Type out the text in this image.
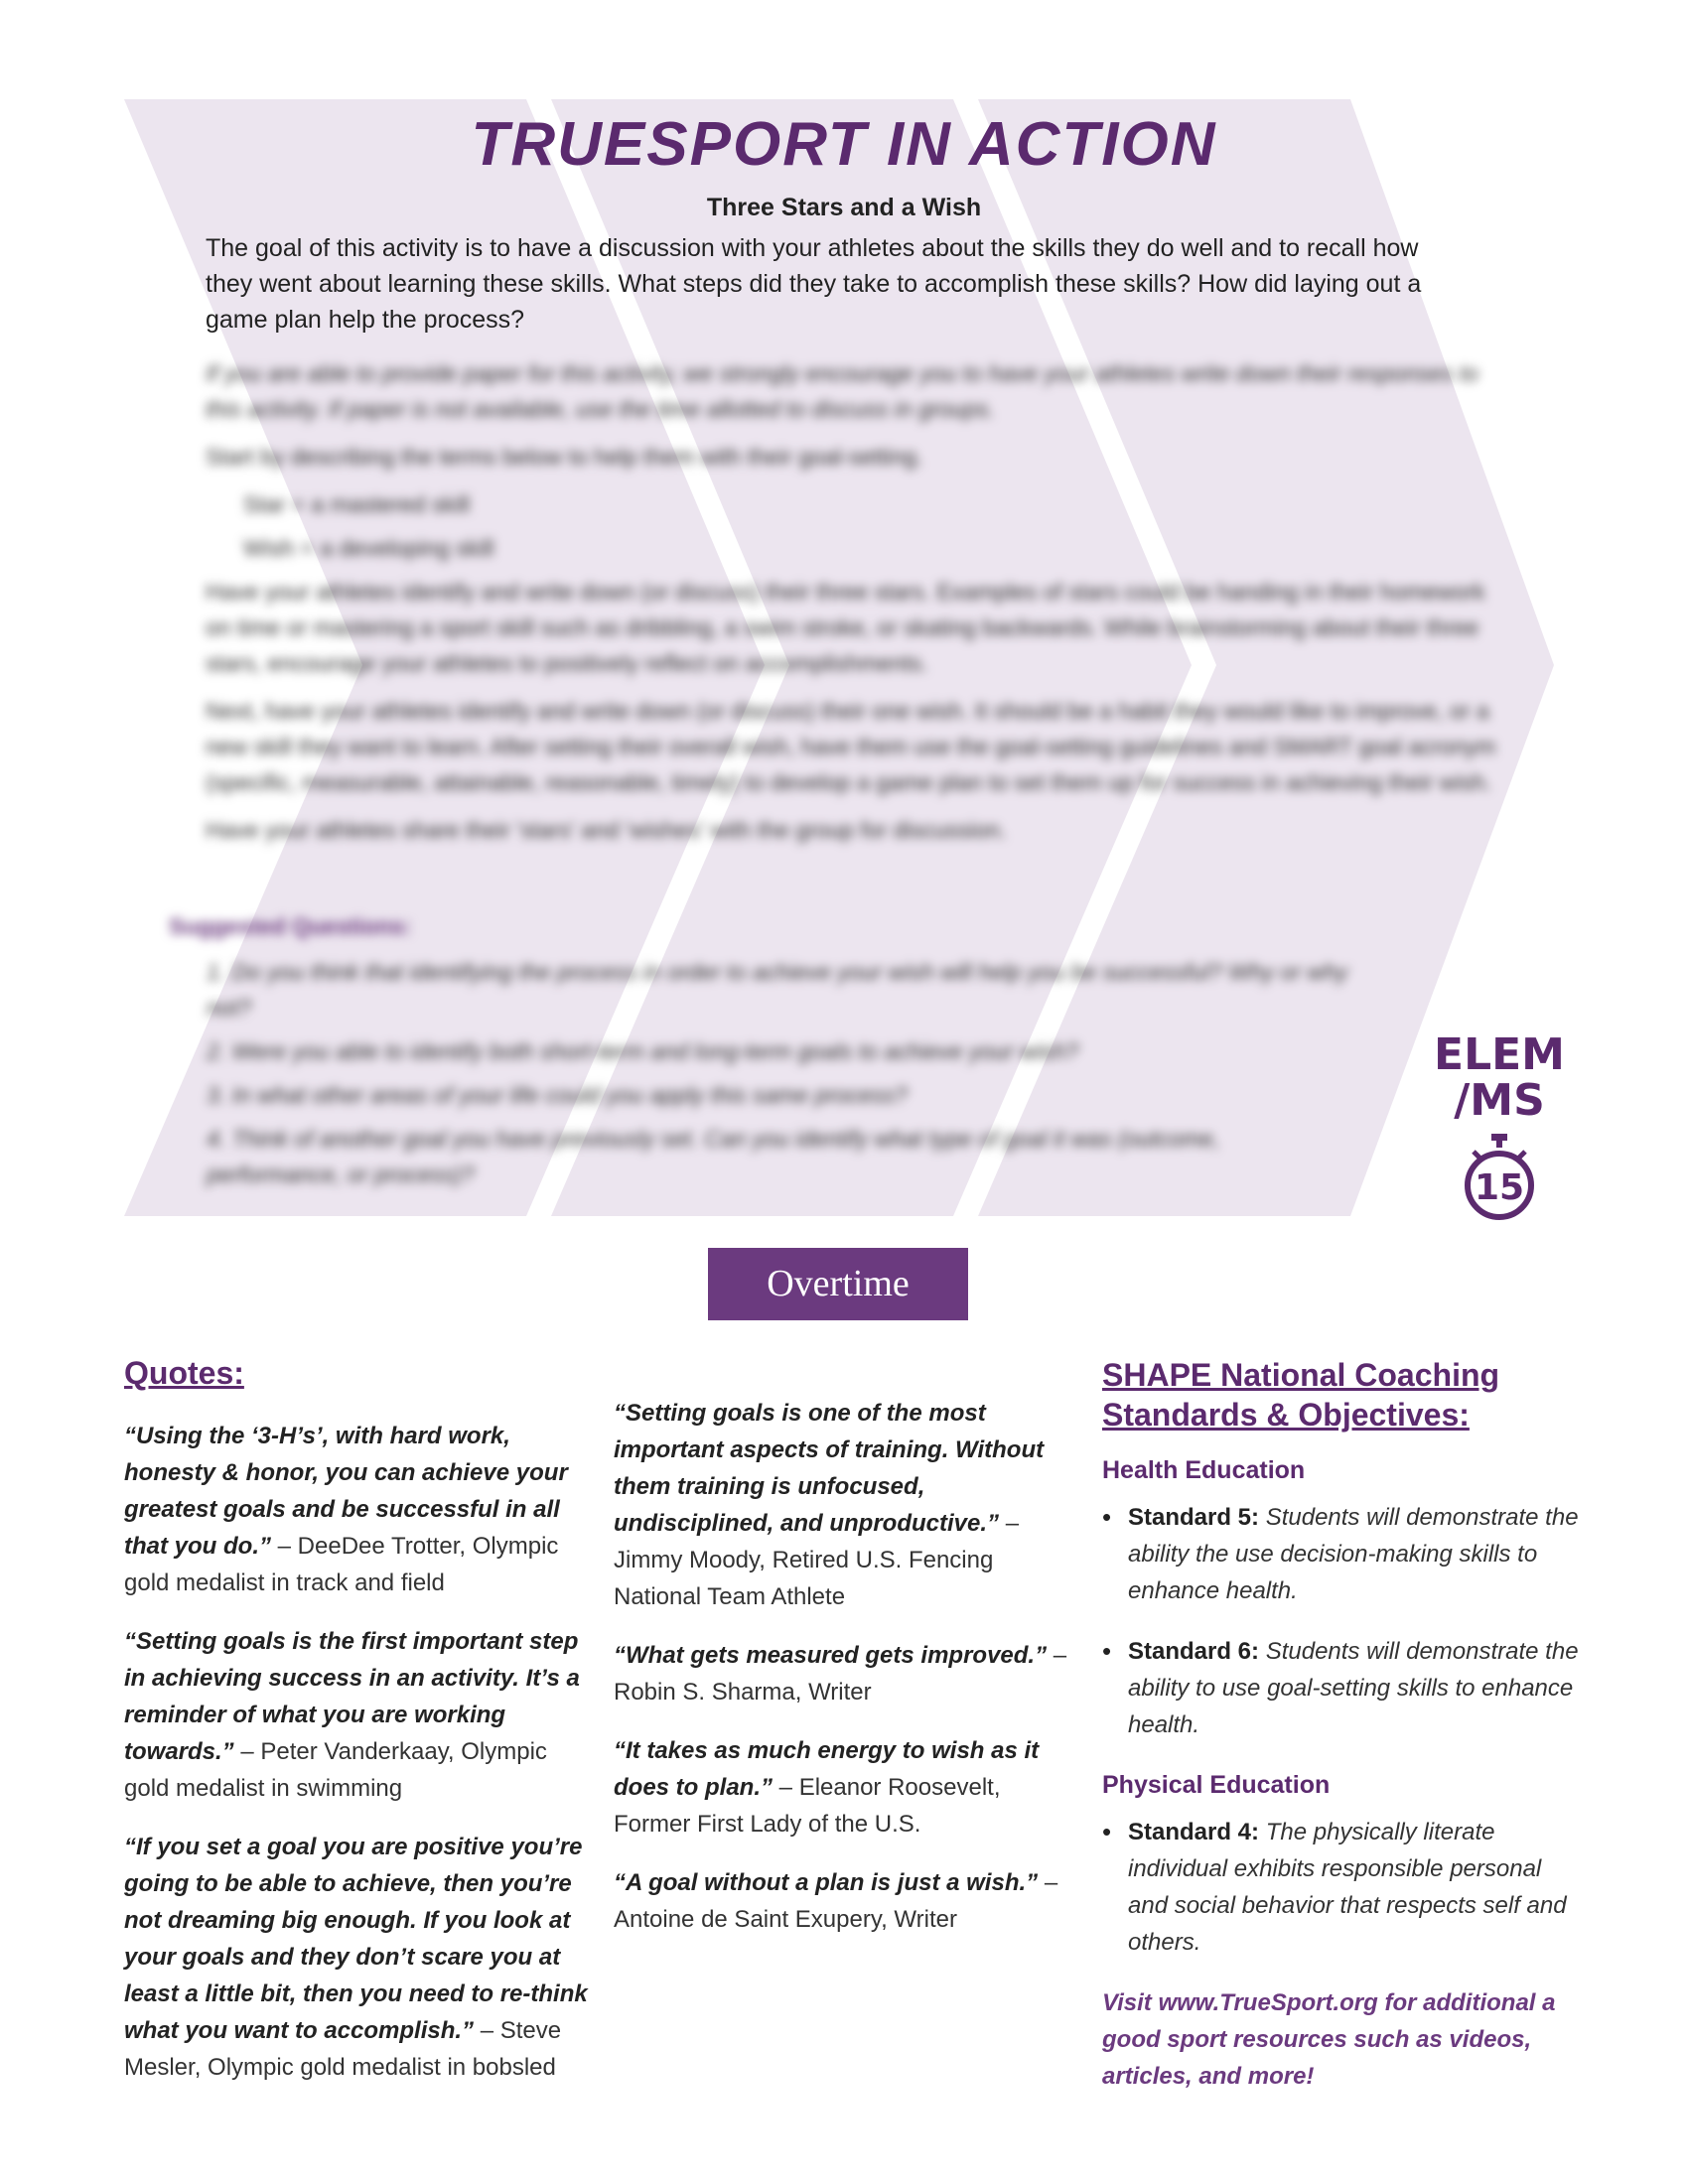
TRUESPORT IN ACTION
Three Stars and a Wish
The goal of this activity is to have a discussion with your athletes about the skills they do well and to recall how they went about learning these skills. What steps did they take to accomplish these skills? How did laying out a game plan help the process?

If you are able to provide paper for this activity, we strongly encourage you to have your athletes write down their responses to this activity. If paper is not available, use the time allotted to discuss in groups.

Start by describing the terms below to help them with their goal-setting.

Star = a mastered skill

Wish = a developing skill

Have your athletes identify and write down (or discuss) their three stars. Examples of stars could be handing in their homework on time or mastering a sport skill such as dribbling, a swim stroke, or skating backwards. While brainstorming about their three stars, encourage your athletes to positively reflect on accomplishments.

Next, have your athletes identify and write down (or discuss) their one wish. It should be a habit they would like to improve, or a new skill they want to learn. After setting their overall wish, have them use the goal-setting guidelines and SMART goal acronym (specific, measurable, attainable, reasonable, timely) to develop a game plan to set them up for success in achieving their wish.

Have your athletes share their 'stars' and 'wishes' with the group for discussion.

Suggested Questions:
1. Do you think that identifying the process in order to achieve your wish will help you be successful? Why or why not?
2. Were you able to identify both short-term and long-term goals to achieve your wish?
3. In what other areas of your life could you apply this same process?
4. Think of another goal you have previously set. Can you identify what type of goal it was (outcome, performance, or process)?
ELEM /MS
15
Overtime
Quotes:
“Using the ‘3-H’s’, with hard work, honesty & honor, you can achieve your greatest goals and be successful in all that you do.” – DeeDee Trotter, Olympic gold medalist in track and field
“Setting goals is the first important step in achieving success in an activity. It’s a reminder of what you are working towards.” – Peter Vanderkaay, Olympic gold medalist in swimming
“If you set a goal you are positive you’re going to be able to achieve, then you’re not dreaming big enough. If you look at your goals and they don’t scare you at least a little bit, then you need to re-think what you want to accomplish.” – Steve Mesler, Olympic gold medalist in bobsled
“Setting goals is one of the most important aspects of training. Without them training is unfocused, undisciplined, and unproductive.” – Jimmy Moody, Retired U.S. Fencing National Team Athlete
“What gets measured gets improved.” – Robin S. Sharma, Writer
“It takes as much energy to wish as it does to plan.” – Eleanor Roosevelt, Former First Lady of the U.S.
“A goal without a plan is just a wish.” – Antoine de Saint Exupery, Writer
SHAPE National Coaching Standards & Objectives:
Health Education
• Standard 5: Students will demonstrate the ability the use decision-making skills to enhance health.
• Standard 6: Students will demonstrate the ability to use goal-setting skills to enhance health.
Physical Education
• Standard 4: The physically literate individual exhibits responsible personal and social behavior that respects self and others.
Visit www.TrueSport.org for additional a good sport resources such as videos, articles, and more!
